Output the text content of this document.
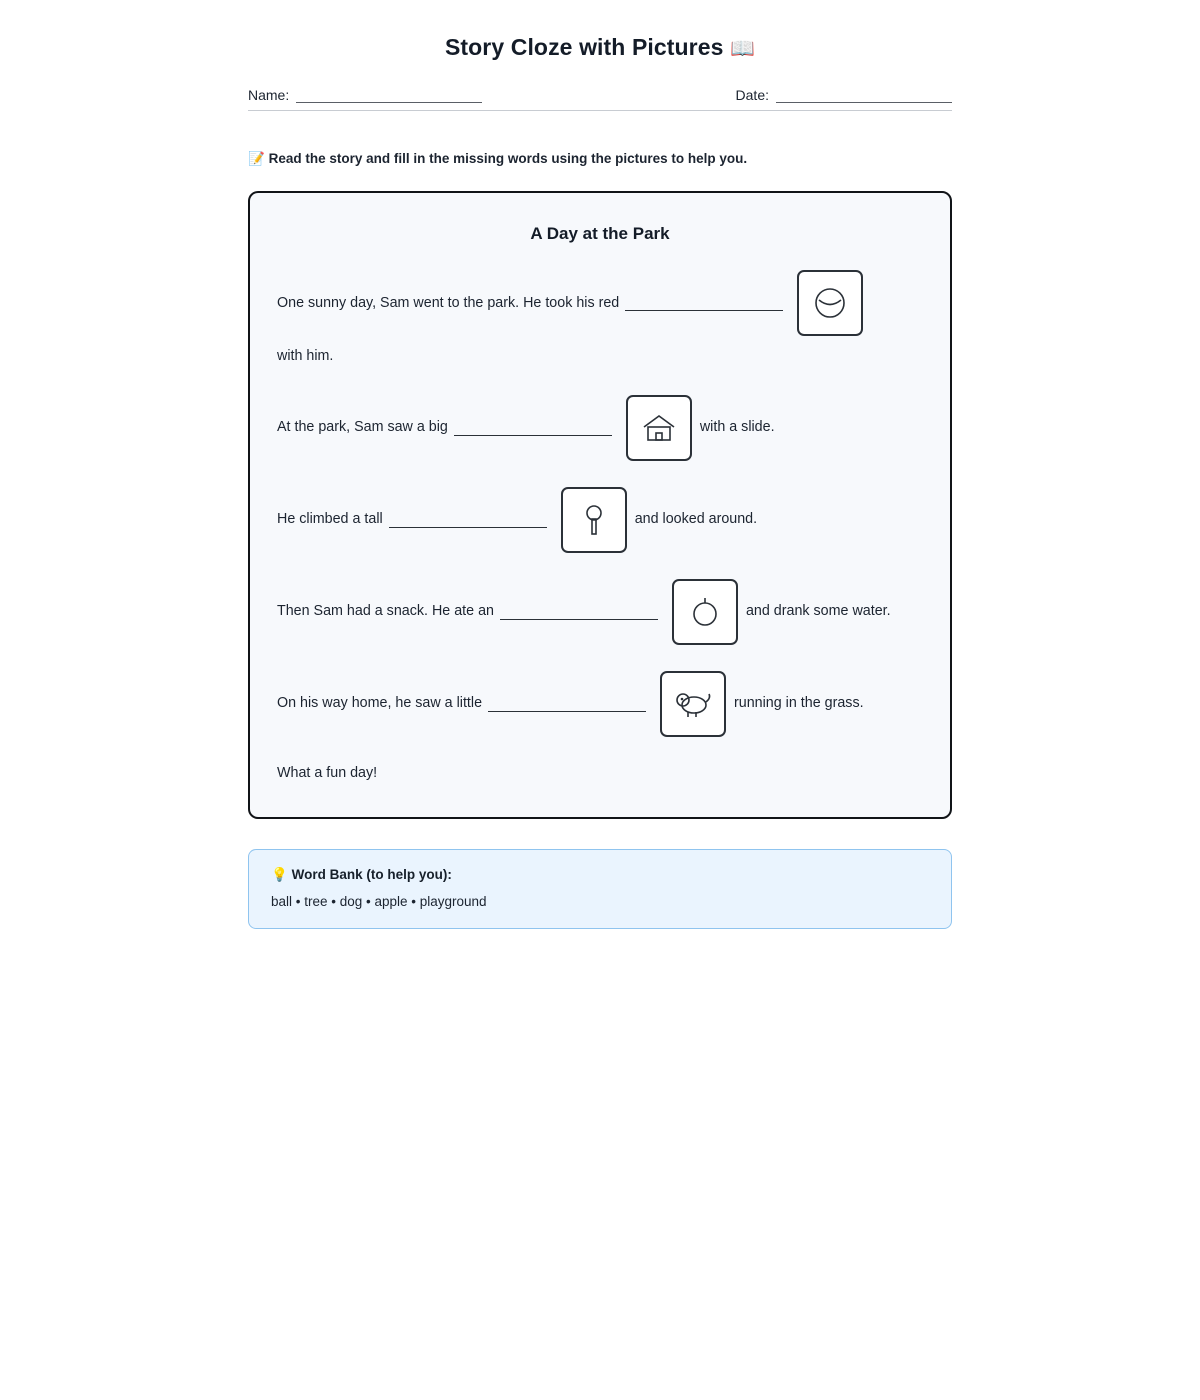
Story Cloze with Pictures 📖
Name:	Date:
📝 Read the story and fill in the missing words using the pictures to help you.
A Day at the Park
One sunny day, Sam went to the park. He took his red
with him.
At the park, Sam saw a big	with a slide.
He climbed a tall	and looked around.
Then Sam had a snack. He ate an	and drank some water.
On his way home, he saw a little	running in the grass.
What a fun day!
💡 Word Bank (to help you):
ball • tree • dog • apple • playground
